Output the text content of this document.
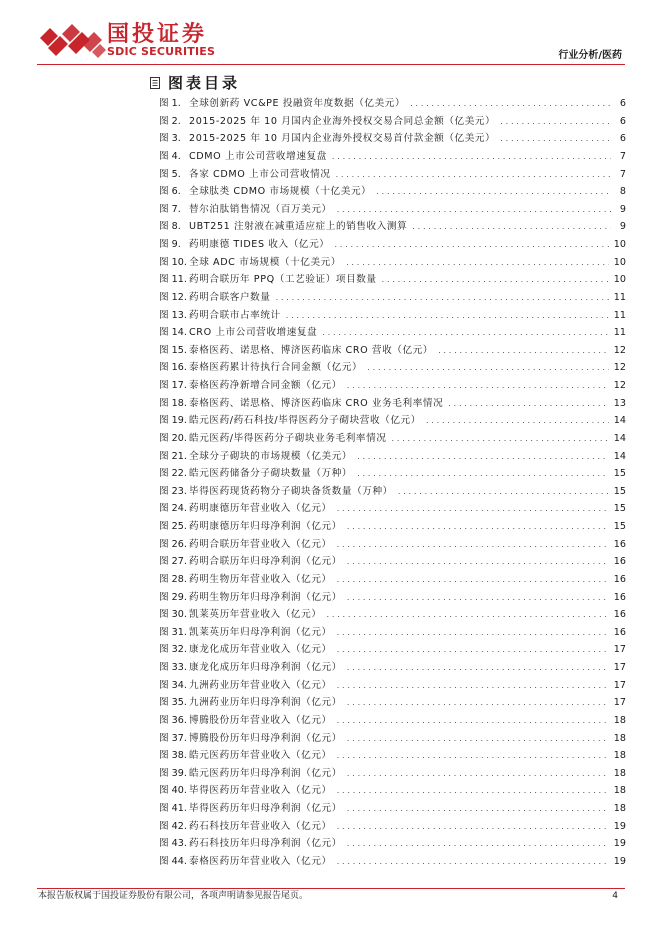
国投证券
SDIC SECURITIES	行业分析/医药
图表目录
图 1. 全球创新药 VC&PE 投融资年度数据（亿美元） .....	6
图 2. 2015-2025 年 10 月国内企业海外授权交易合同总金额（亿美元） .....	6
图 3. 2015-2025 年 10 月国内企业海外授权交易首付款金额（亿美元） .....	6
图 4. CDMO 上市公司营收增速复盘 .....	7
图 5. 各家 CDMO 上市公司营收情况 .....	7
图 6. 全球肽类 CDMO 市场规模（十亿美元） .....	8
图 7. 替尔泊肽销售情况（百万美元） .....	9
图 8. UBT251 注射液在减重适应症上的销售收入测算 .....	9
图 9. 药明康德 TIDES 收入（亿元） .....	10
图 10. 全球 ADC 市场规模（十亿美元） .....	10
图 11. 药明合联历年 PPQ（工艺验证）项目数量 .....	10
图 12. 药明合联客户数量 .....	11
图 13. 药明合联市占率统计 .....	11
图 14. CRO 上市公司营收增速复盘 .....	11
图 15. 泰格医药、诺思格、博济医药临床 CRO 营收（亿元） .....	12
图 16. 泰格医药累计待执行合同金额（亿元） .....	12
图 17. 泰格医药净新增合同金额（亿元） .....	12
图 18. 泰格医药、诺思格、博济医药临床 CRO 业务毛利率情况 .....	13
图 19. 皓元医药/药石科技/毕得医药分子砌块营收（亿元） .....	14
图 20. 皓元医药/毕得医药分子砌块业务毛利率情况 .....	14
图 21. 全球分子砌块的市场规模（亿美元） .....	14
图 22. 皓元医药储备分子砌块数量（万种） .....	15
图 23. 毕得医药现货药物分子砌块备货数量（万种） .....	15
图 24. 药明康德历年营业收入（亿元） .....	15
图 25. 药明康德历年归母净利润（亿元） .....	15
图 26. 药明合联历年营业收入（亿元） .....	16
图 27. 药明合联历年归母净利润（亿元） .....	16
图 28. 药明生物历年营业收入（亿元） .....	16
图 29. 药明生物历年归母净利润（亿元） .....	16
图 30. 凯莱英历年营业收入（亿元） .....	16
图 31. 凯莱英历年归母净利润（亿元） .....	16
图 32. 康龙化成历年营业收入（亿元） .....	17
图 33. 康龙化成历年归母净利润（亿元） .....	17
图 34. 九洲药业历年营业收入（亿元） .....	17
图 35. 九洲药业历年归母净利润（亿元） .....	17
图 36. 博腾股份历年营业收入（亿元） .....	18
图 37. 博腾股份历年归母净利润（亿元） .....	18
图 38. 皓元医药历年营业收入（亿元） .....	18
图 39. 皓元医药历年归母净利润（亿元） .....	18
图 40. 毕得医药历年营业收入（亿元） .....	18
图 41. 毕得医药历年归母净利润（亿元） .....	18
图 42. 药石科技历年营业收入（亿元） .....	19
图 43. 药石科技历年归母净利润（亿元） .....	19
图 44. 泰格医药历年营业收入（亿元） .....	19
本报告版权属于国投证券股份有限公司，各项声明请参见报告尾页。	4
